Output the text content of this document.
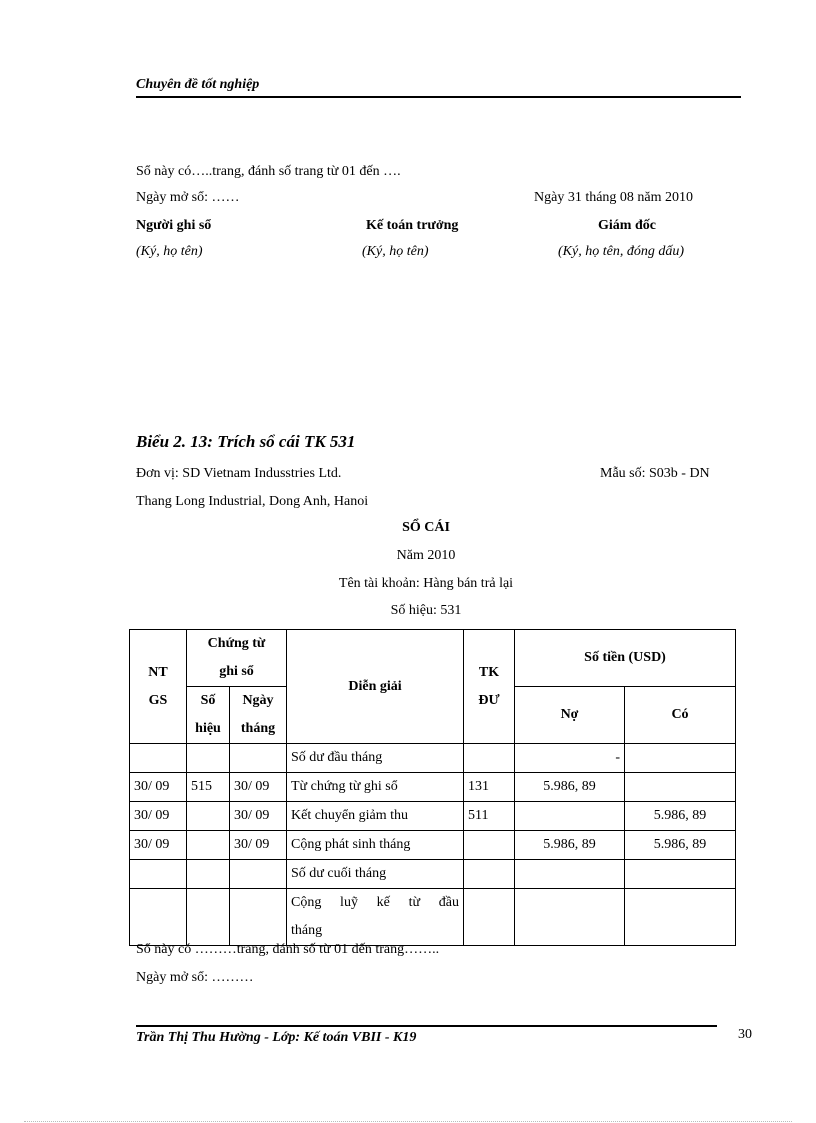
Chuyên đề tốt nghiệp
Sổ này có…..trang, đánh số trang từ 01 đến ….
Ngày mở sổ: ……	Ngày 31 tháng 08 năm 2010
Người ghi sổ	Kế toán trưởng	Giám đốc
(Ký, họ tên)	(Ký, họ tên)	(Ký, họ tên, đóng dấu)
Biểu 2. 13: Trích sổ cái TK 531
Đơn vị: SD Vietnam Indusstries Ltd.	Mẫu số: S03b - DN
Thang Long Industrial, Dong Anh, Hanoi
SỔ CÁI
Năm 2010
Tên tài khoản: Hàng bán trả lại
Số hiệu: 531
NT GS	Chứng từ ghi sổ		Diễn giải	TK ĐƯ	Số tiền (USD)	
	Số hiệu	Ngày tháng			Nợ	Có
			Số dư đầu tháng		-	
30/ 09	515	30/ 09	Từ chứng từ ghi sổ	131	5.986, 89	
30/ 09		30/ 09	Kết chuyển giảm thu	511		5.986, 89
30/ 09		30/ 09	Cộng phát sinh tháng		5.986, 89	5.986, 89
			Số dư cuối tháng			

			Cộng luỹ kế từ đầu tháng			

Sổ này có ………trang, đánh số từ 01 đến trang……..
Ngày mở sổ: ………
Trần Thị Thu Hường - Lớp: Kế toán VBII - K19	30
